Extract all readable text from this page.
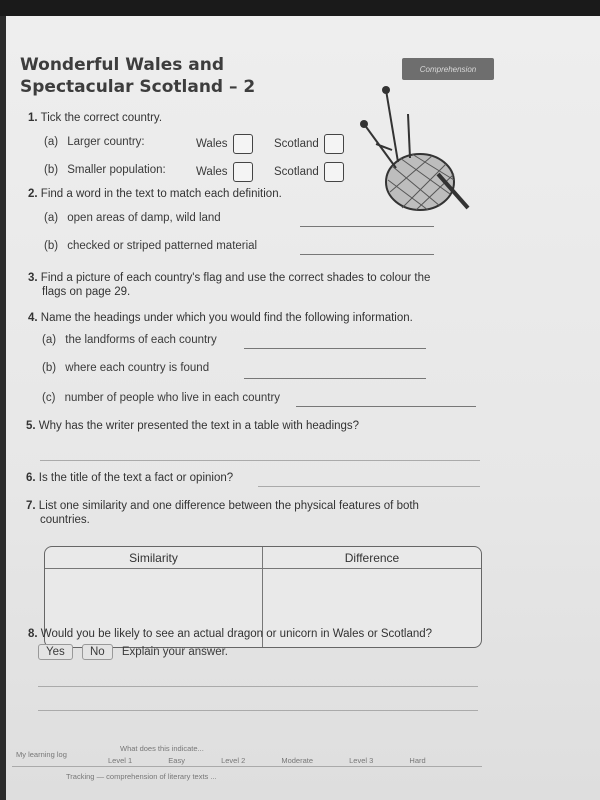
Wonderful Wales and
Spectacular Scotland – 2
Comprehension
1. Tick the correct country.
(a) Larger country:	Wales	Scotland
(b) Smaller population:	Wales	Scotland
2. Find a word in the text to match each definition.
(a) open areas of damp, wild land
(b) checked or striped patterned material
3. Find a picture of each country's flag and use the correct shades to colour the
flags on page 29.
4. Name the headings under which you would find the following information.
(a) the landforms of each country
(b) where each country is found
(c) number of people who live in each country
5. Why has the writer presented the text in a table with headings?
6. Is the title of the text a fact or opinion?
7. List one similarity and one difference between the physical features of both
countries.
Similarity	Difference
8. Would you be likely to see an actual dragon or unicorn in Wales or Scotland?
Yes No Explain your answer.
My learning log
What does this indicate...
Level 1	Easy	Level 2	Moderate	Level 3	Hard
Tracking — comprehension of literary texts ...
